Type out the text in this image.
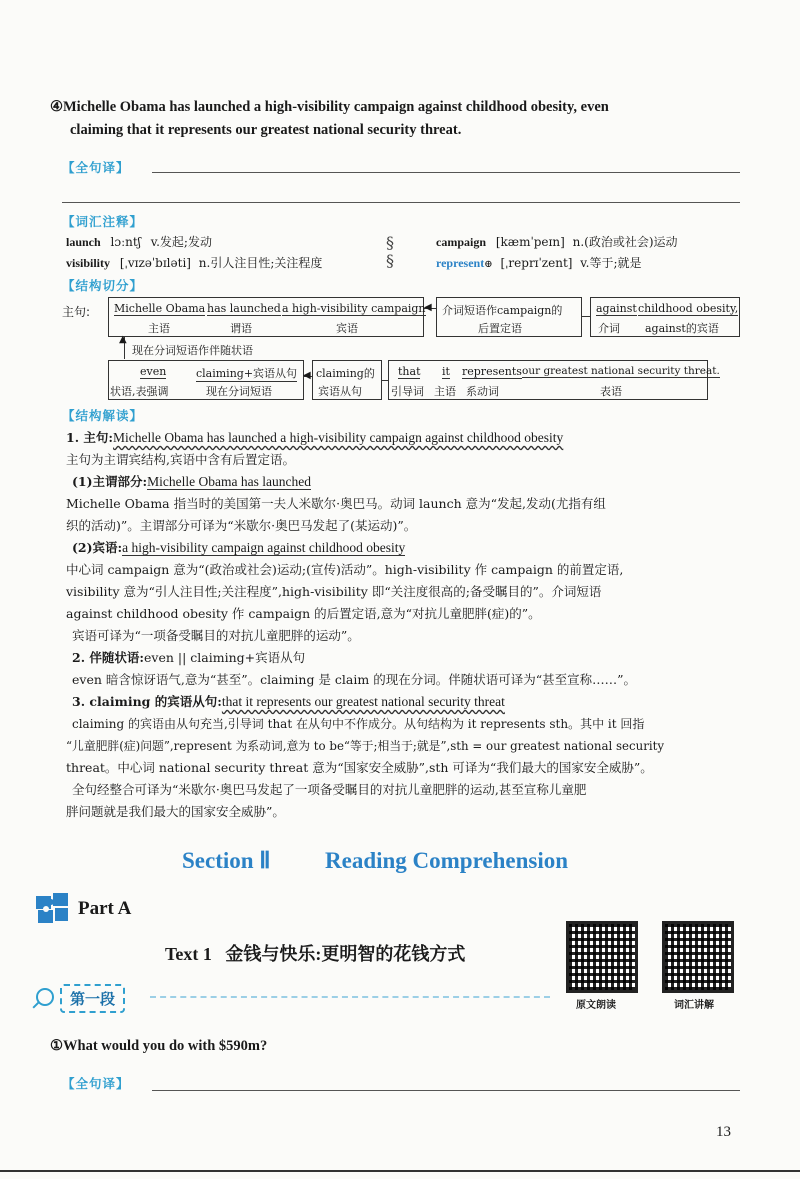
④Michelle Obama has launched a high-visibility campaign against childhood obesity, even
claiming that it represents our greatest national security threat.
【全句译】
【词汇注释】
launch lɔːntʃ v.发起;发动
visibility [ˌvɪzəˈbɪləti] n.引人注目性;关注程度
§
§
campaign [kæmˈpeɪn] n.(政治或社会)运动
represent⊕ [ˌreprɪˈzent] v.等于;就是
【结构切分】
主句: Michelle Obama
主语
has launched
谓语
a high-visibility campaign
宾语
◀ 介词短语作campaign的
后置定语
against
介词
childhood obesity,
against的宾语
▲
现在分词短语作伴随状语
even
状语,表强调
claiming+宾语从句
现在分词短语
◀ claiming的
宾语从句
that
引导词
it
主语
represents
系动词
our greatest national security threat.
表语
【结构解读】
1. 主句:Michelle Obama has launched a high-visibility campaign against childhood obesity
主句为主谓宾结构,宾语中含有后置定语。
(1)主谓部分:Michelle Obama has launched
Michelle Obama 指当时的美国第一夫人米歇尔·奥巴马。动词 launch 意为“发起,发动(尤指有组
织的活动)”。主谓部分可译为“米歇尔·奥巴马发起了(某运动)”。
(2)宾语:a high-visibility campaign against childhood obesity
中心词 campaign 意为“(政治或社会)运动;(宣传)活动”。high-visibility 作 campaign 的前置定语,
visibility 意为“引人注目性;关注程度”,high-visibility 即“关注度很高的;备受瞩目的”。介词短语
against childhood obesity 作 campaign 的后置定语,意为“对抗儿童肥胖(症)的”。
宾语可译为“一项备受瞩目的对抗儿童肥胖的运动”。
2. 伴随状语:even || claiming+宾语从句
even 暗含惊讶语气,意为“甚至”。claiming 是 claim 的现在分词。伴随状语可译为“甚至宣称……”。
3. claiming 的宾语从句:that it represents our greatest national security threat
claiming 的宾语由从句充当,引导词 that 在从句中不作成分。从句结构为 it represents sth。其中 it 回指
“儿童肥胖(症)问题”,represent 为系动词,意为 to be“等于;相当于;就是”,sth = our greatest national security
threat。中心词 national security threat 意为“国家安全威胁”,sth 可译为“我们最大的国家安全威胁”。
全句经整合可译为“米歇尔·奥巴马发起了一项备受瞩目的对抗儿童肥胖的运动,甚至宣称儿童肥
胖问题就是我们最大的国家安全威胁”。
Section Ⅱ Reading Comprehension
Part A
Text 1   金钱与快乐:更明智的花钱方式
原文朗读	词汇讲解
第一段
①What would you do with $590m?
【全句译】
13
